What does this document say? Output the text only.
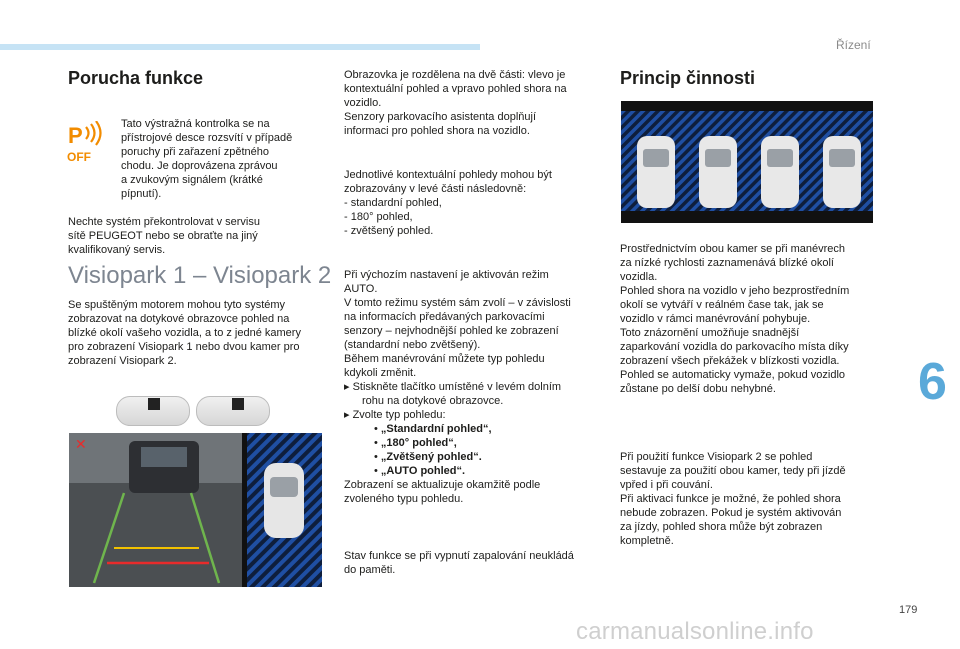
Řízení
6
179
carmanualsonline.info
Porucha funkce
P
OFF
Tato výstražná kontrolka se na
přístrojové desce rozsvítí v případě
poruchy při zařazení zpětného
chodu. Je doprovázena zprávou
a zvukovým signálem (krátké
pípnutí).
Nechte systém překontrolovat v servisu
sítě PEUGEOT nebo se obraťte na jiný
kvalifikovaný servis.
Visiopark 1 – Visiopark 2
Se spuštěným motorem mohou tyto systémy
zobrazovat na dotykové obrazovce pohled na
blízké okolí vašeho vozidla, a to z jedné kamery
pro zobrazení Visiopark 1 nebo dvou kamer pro
zobrazení Visiopark 2.
✕
Obrazovka je rozdělena na dvě části: vlevo je
kontextuální pohled a vpravo pohled shora na
vozidlo.
Senzory parkovacího asistenta doplňují
informaci pro pohled shora na vozidlo.
Jednotlivé kontextuální pohledy mohou být
zobrazovány v levé části následovně:
- standardní pohled,
- 180° pohled,
- zvětšený pohled.
Při výchozím nastavení je aktivován režim
AUTO.
V tomto režimu systém sám zvolí – v závislosti
na informacích předávaných parkovacími
senzory – nejvhodnější pohled ke zobrazení
(standardní nebo zvětšený).
Během manévrování můžete typ pohledu
kdykoli změnit.
▸ Stiskněte tlačítko umístěné v levém dolním
rohu na dotykové obrazovce.
▸ Zvolte typ pohledu:
• „Standardní pohled“,
• „180° pohled“,
• „Zvětšený pohled“.
• „AUTO pohled“.
Zobrazení se aktualizuje okamžitě podle
zvoleného typu pohledu.
Stav funkce se při vypnutí zapalování neukládá
do paměti.
Princip činnosti
Prostřednictvím obou kamer se při manévrech
za nízké rychlosti zaznamenává blízké okolí
vozidla.
Pohled shora na vozidlo v jeho bezprostředním
okolí se vytváří v reálném čase tak, jak se
vozidlo v rámci manévrování pohybuje.
Toto znázornění umožňuje snadnější
zaparkování vozidla do parkovacího místa díky
zobrazení všech překážek v blízkosti vozidla.
Pohled se automaticky vymaže, pokud vozidlo
zůstane po delší dobu nehybné.
Při použití funkce Visiopark 2 se pohled
sestavuje za použití obou kamer, tedy při jízdě
vpřed i při couvání.
Při aktivaci funkce je možné, že pohled shora
nebude zobrazen. Pokud je systém aktivován
za jízdy, pohled shora může být zobrazen
kompletně.
